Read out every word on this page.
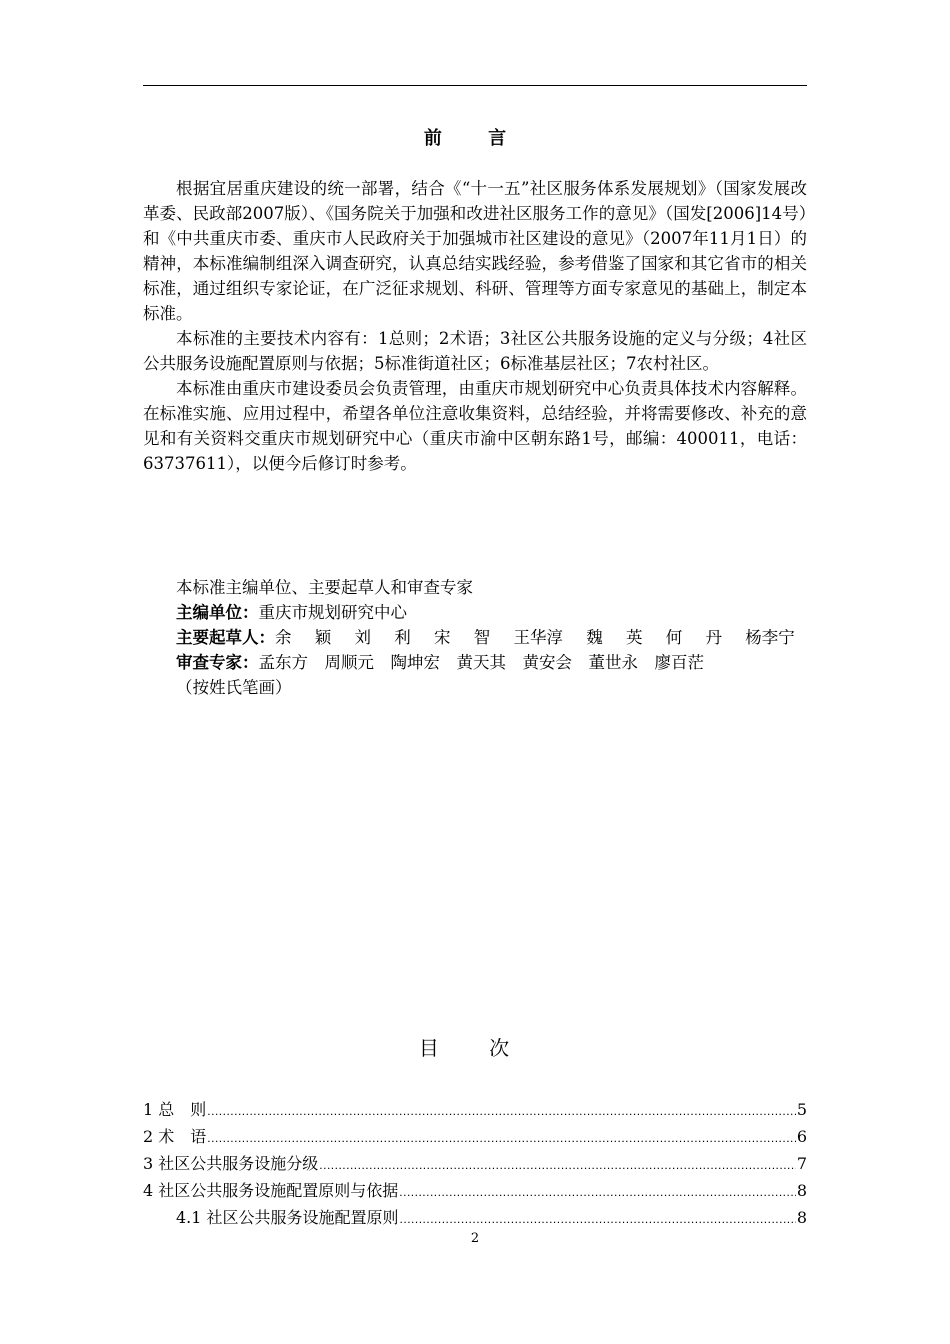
前 言

根据宜居重庆建设的统一部署，结合《“十一五”社区服务体系发展规划》（国家发展改革委、民政部2007版）、《国务院关于加强和改进社区服务工作的意见》（国发[2006]14号）和《中共重庆市委、重庆市人民政府关于加强城市社区建设的意见》（2007年11月1日）的精神，本标准编制组深入调查研究，认真总结实践经验，参考借鉴了国家和其它省市的相关标准，通过组织专家论证，在广泛征求规划、科研、管理等方面专家意见的基础上，制定本标准。

本标准的主要技术内容有：1总则；2术语；3社区公共服务设施的定义与分级；4社区公共服务设施配置原则与依据；5标准街道社区；6标准基层社区；7农村社区。

本标准由重庆市建设委员会负责管理，由重庆市规划研究中心负责具体技术内容解释。在标准实施、应用过程中，希望各单位注意收集资料，总结经验，并将需要修改、补充的意见和有关资料交重庆市规划研究中心（重庆市渝中区朝东路1号，邮编：400011，电话：63737611），以便今后修订时参考。

本标准主编单位、主要起草人和审查专家

主编单位：重庆市规划研究中心

主要起草人：余 颖 刘 利 宋 智 王华淳 魏 英 何 丹 杨李宁

审查专家：孟东方　周顺元　陶坤宏　黄天其　黄安会　董世永　廖百茫

（按姓氏笔画）

目 次
1 总　则 .....	5
2 术　语 .....	6
3 社区公共服务设施分级 .....	7
4 社区公共服务设施配置原则与依据 .....	8
4.1 社区公共服务设施配置原则 .....	8
2
